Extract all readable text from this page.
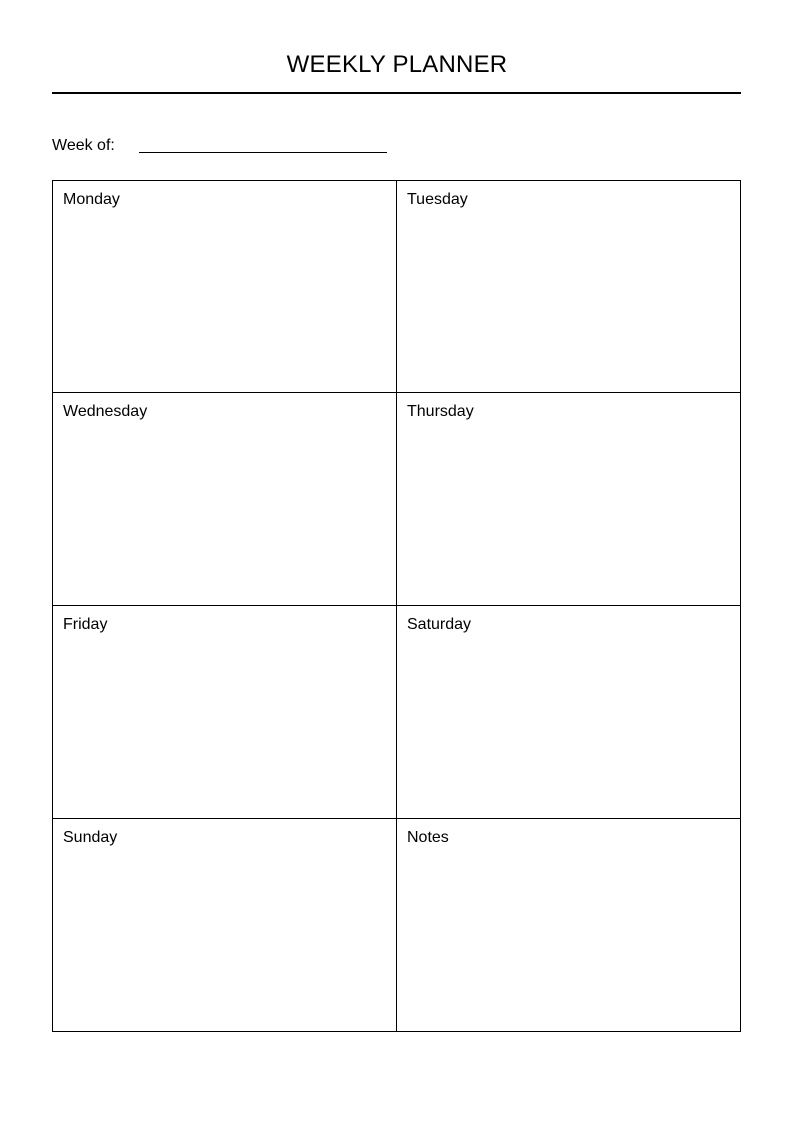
WEEKLY PLANNER
Week of:
Monday	Tuesday
Wednesday	Thursday
Friday	Saturday
Sunday	Notes
